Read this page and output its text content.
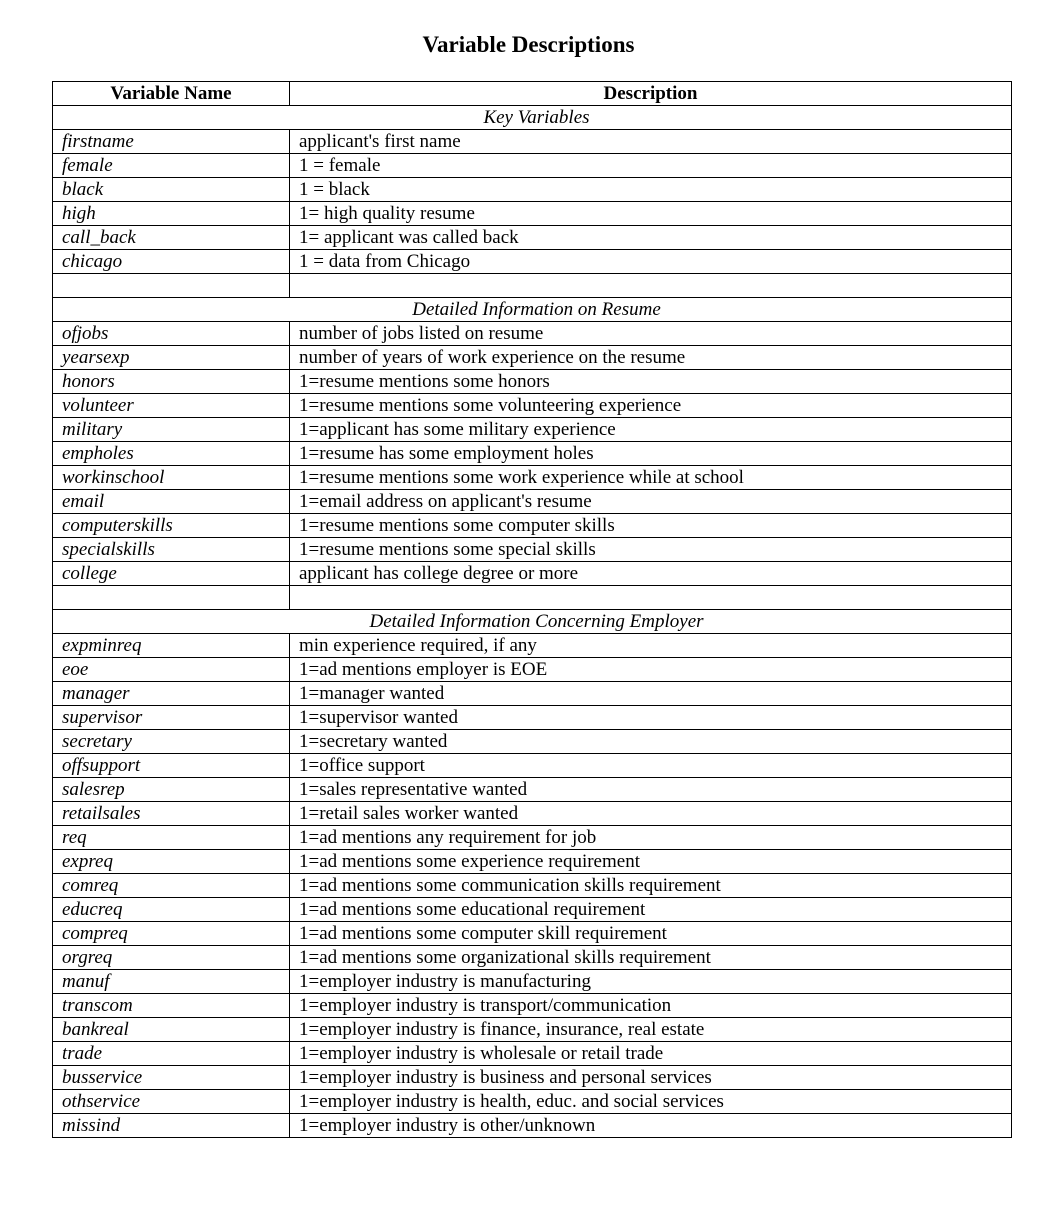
Variable Descriptions
Variable Name	Description
Key Variables	
firstname	applicant's first name
female	1 = female
black	1 = black
high	1= high quality resume
call_back	1= applicant was called back
chicago	1 = data from Chicago

Detailed Information on Resume	
ofjobs	number of jobs listed on resume
yearsexp	number of years of work experience on the resume
honors	1=resume mentions some honors
volunteer	1=resume mentions some volunteering experience
military	1=applicant has some military experience
empholes	1=resume has some employment holes
workinschool	1=resume mentions some work experience while at school
email	1=email address on applicant's resume
computerskills	1=resume mentions some computer skills
specialskills	1=resume mentions some special skills
college	applicant has college degree or more

Detailed Information Concerning Employer	
expminreq	min experience required, if any
eoe	1=ad mentions employer is EOE
manager	1=manager wanted
supervisor	1=supervisor wanted
secretary	1=secretary wanted
offsupport	1=office support
salesrep	1=sales representative wanted
retailsales	1=retail sales worker wanted
req	1=ad mentions any requirement for job
expreq	1=ad mentions some experience requirement
comreq	1=ad mentions some communication skills requirement
educreq	1=ad mentions some educational requirement
compreq	1=ad mentions some computer skill requirement
orgreq	1=ad mentions some organizational skills requirement
manuf	1=employer industry is manufacturing
transcom	1=employer industry is transport/communication
bankreal	1=employer industry is finance, insurance, real estate
trade	1=employer industry is wholesale or retail trade
busservice	1=employer industry is business and personal services
othservice	1=employer industry is health, educ. and social services
missind	1=employer industry is other/unknown
